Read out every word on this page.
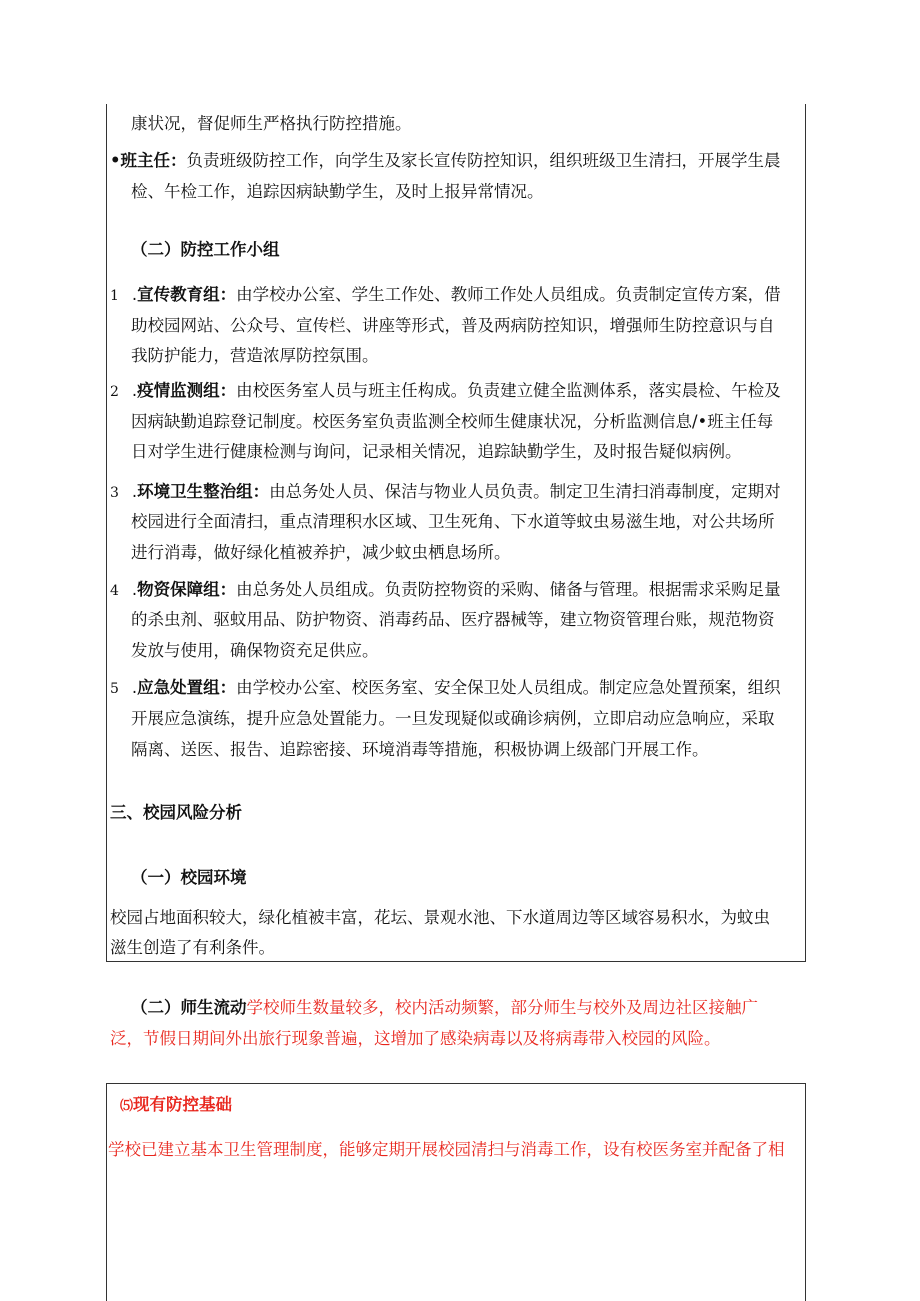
康状况，督促师生严格执行防控措施。
•班主任：负责班级防控工作，向学生及家长宣传防控知识，组织班级卫生清扫，开展学生晨
检、午检工作，追踪因病缺勤学生，及时上报异常情况。
（二）防控工作小组
1 .宣传教育组：由学校办公室、学生工作处、教师工作处人员组成。负责制定宣传方案，借
助校园网站、公众号、宣传栏、讲座等形式，普及两病防控知识，增强师生防控意识与自
我防护能力，营造浓厚防控氛围。
2 .疫情监测组：由校医务室人员与班主任构成。负责建立健全监测体系，落实晨检、午检及
因病缺勤追踪登记制度。校医务室负责监测全校师生健康状况，分析监测信息/•班主任每
日对学生进行健康检测与询问，记录相关情况，追踪缺勤学生，及时报告疑似病例。
3 .环境卫生整治组：由总务处人员、保洁与物业人员负责。制定卫生清扫消毒制度，定期对
校园进行全面清扫，重点清理积水区域、卫生死角、下水道等蚊虫易滋生地，对公共场所
进行消毒，做好绿化植被养护，减少蚊虫栖息场所。
4 .物资保障组：由总务处人员组成。负责防控物资的采购、储备与管理。根据需求采购足量
的杀虫剂、驱蚊用品、防护物资、消毒药品、医疗器械等，建立物资管理台账，规范物资
发放与使用，确保物资充足供应。
5 .应急处置组：由学校办公室、校医务室、安全保卫处人员组成。制定应急处置预案，组织
开展应急演练，提升应急处置能力。一旦发现疑似或确诊病例，立即启动应急响应，采取
隔离、送医、报告、追踪密接、环境消毒等措施，积极协调上级部门开展工作。
三、校园风险分析
（一）校园环境
校园占地面积较大，绿化植被丰富，花坛、景观水池、下水道周边等区域容易积水，为蚊虫
滋生创造了有利条件。
（二）师生流动学校师生数量较多，校内活动频繁，部分师生与校外及周边社区接触广
泛，节假日期间外出旅行现象普遍，这增加了感染病毒以及将病毒带入校园的风险。
⑸现有防控基础
学校已建立基本卫生管理制度，能够定期开展校园清扫与消毒工作，设有校医务室并配备了相
